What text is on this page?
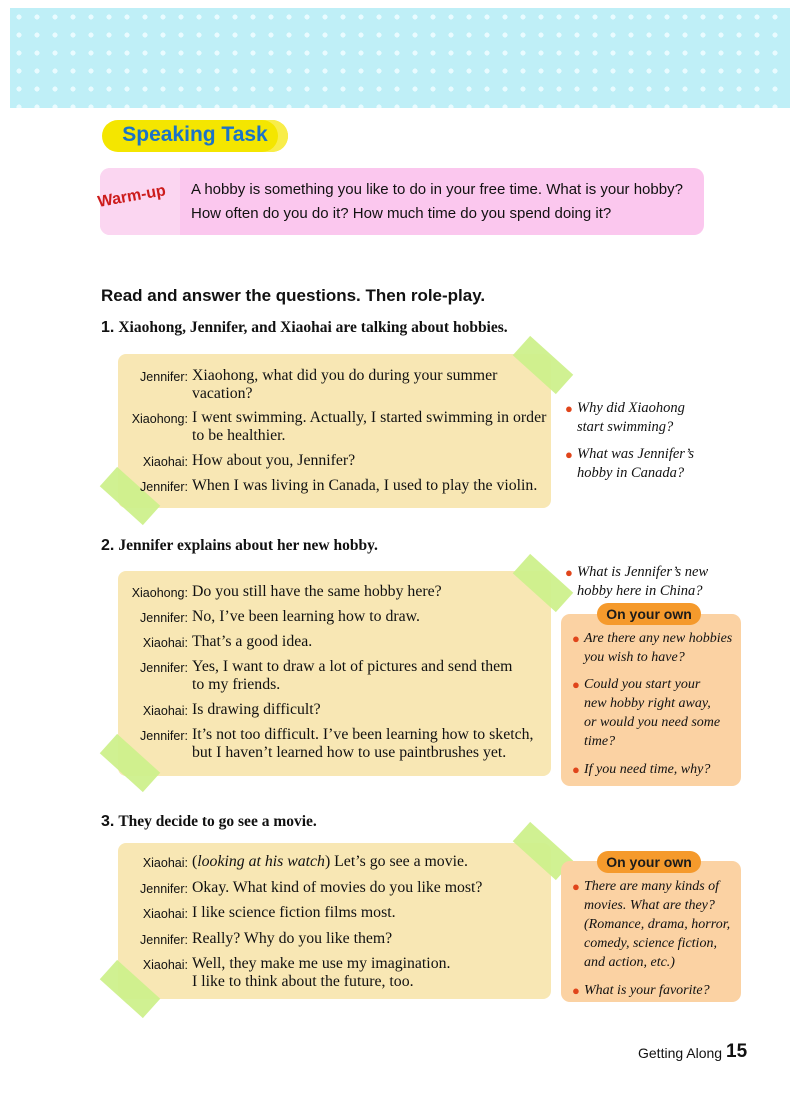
Speaking Task
Warm-up A hobby is something you like to do in your free time. What is your hobby?
How often do you do it? How much time do you spend doing it?
Read and answer the questions. Then role-play.
1. Xiaohong, Jennifer, and Xiaohai are talking about hobbies.
Jennifer: Xiaohong, what did you do during your summer
vacation?
Xiaohong: I went swimming. Actually, I started swimming in order
to be healthier.
Xiaohai: How about you, Jennifer?
Jennifer: When I was living in Canada, I used to play the violin.
● Why did Xiaohong
start swimming?
● What was Jennifer’s
hobby in Canada?
2. Jennifer explains about her new hobby.
Xiaohong: Do you still have the same hobby here?
Jennifer: No, I’ve been learning how to draw.
Xiaohai: That’s a good idea.
Jennifer: Yes, I want to draw a lot of pictures and send them
to my friends.
Xiaohai: Is drawing difficult?
Jennifer: It’s not too difficult. I’ve been learning how to sketch,
but I haven’t learned how to use paintbrushes yet.
● What is Jennifer’s new
hobby here in China?
On your own
● Are there any new hobbies
you wish to have?
● Could you start your
new hobby right away,
or would you need some
time?
● If you need time, why?
3. They decide to go see a movie.
Xiaohai: (looking at his watch) Let’s go see a movie.
Jennifer: Okay. What kind of movies do you like most?
Xiaohai: I like science fiction films most.
Jennifer: Really? Why do you like them?
Xiaohai: Well, they make me use my imagination.
I like to think about the future, too.
On your own
● There are many kinds of
movies. What are they?
(Romance, drama, horror,
comedy, science fiction,
and action, etc.)
● What is your favorite?
Getting Along 15
